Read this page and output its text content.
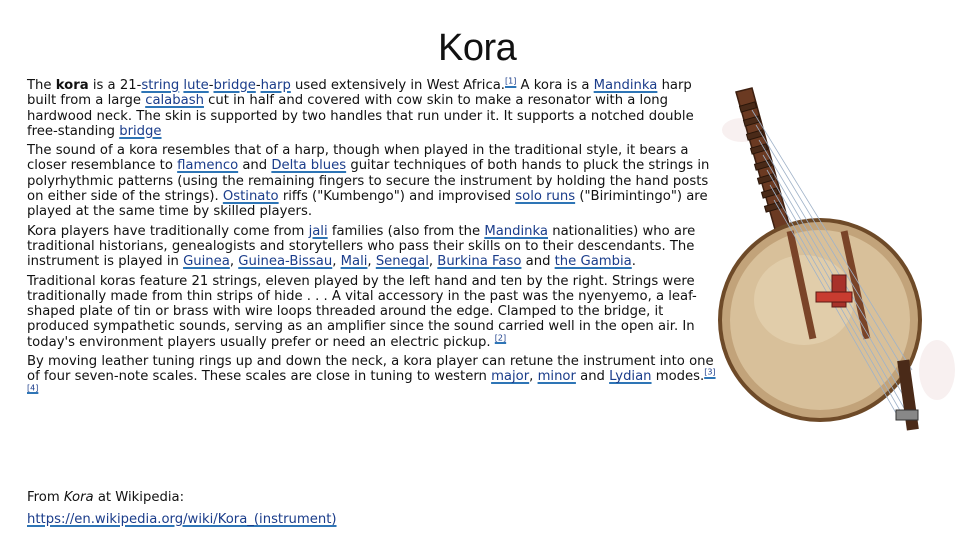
Kora

The kora is a 21-string lute-bridge-harp used extensively in West Africa.[1] A kora is a Mandinka harp built from a large calabash cut in half and covered with cow skin to make a resonator with a long hardwood neck. The skin is supported by two handles that run under it. It supports a notched double free-standing bridge

The sound of a kora resembles that of a harp, though when played in the traditional style, it bears a closer resemblance to flamenco and Delta blues guitar techniques of both hands to pluck the strings in polyrhythmic patterns (using the remaining fingers to secure the instrument by holding the hand posts on either side of the strings). Ostinato riffs ("Kumbengo") and improvised solo runs ("Birimintingo") are played at the same time by skilled players.

Kora players have traditionally come from jali families (also from the Mandinka nationalities) who are traditional historians, genealogists and storytellers who pass their skills on to their descendants. The instrument is played in Guinea, Guinea-Bissau, Mali, Senegal, Burkina Faso and the Gambia.

Traditional koras feature 21 strings, eleven played by the left hand and ten by the right. Strings were traditionally made from thin strips of hide . . . A vital accessory in the past was the nyenyemo, a leaf-shaped plate of tin or brass with wire loops threaded around the edge. Clamped to the bridge, it produced sympathetic sounds, serving as an amplifier since the sound carried well in the open air. In today's environment players usually prefer or need an electric pickup. [2]

By moving leather tuning rings up and down the neck, a kora player can retune the instrument into one of four seven-note scales. These scales are close in tuning to western major, minor and Lydian modes.[3][4]

From Kora at Wikipedia:

https://en.wikipedia.org/wiki/Kora_(instrument)
